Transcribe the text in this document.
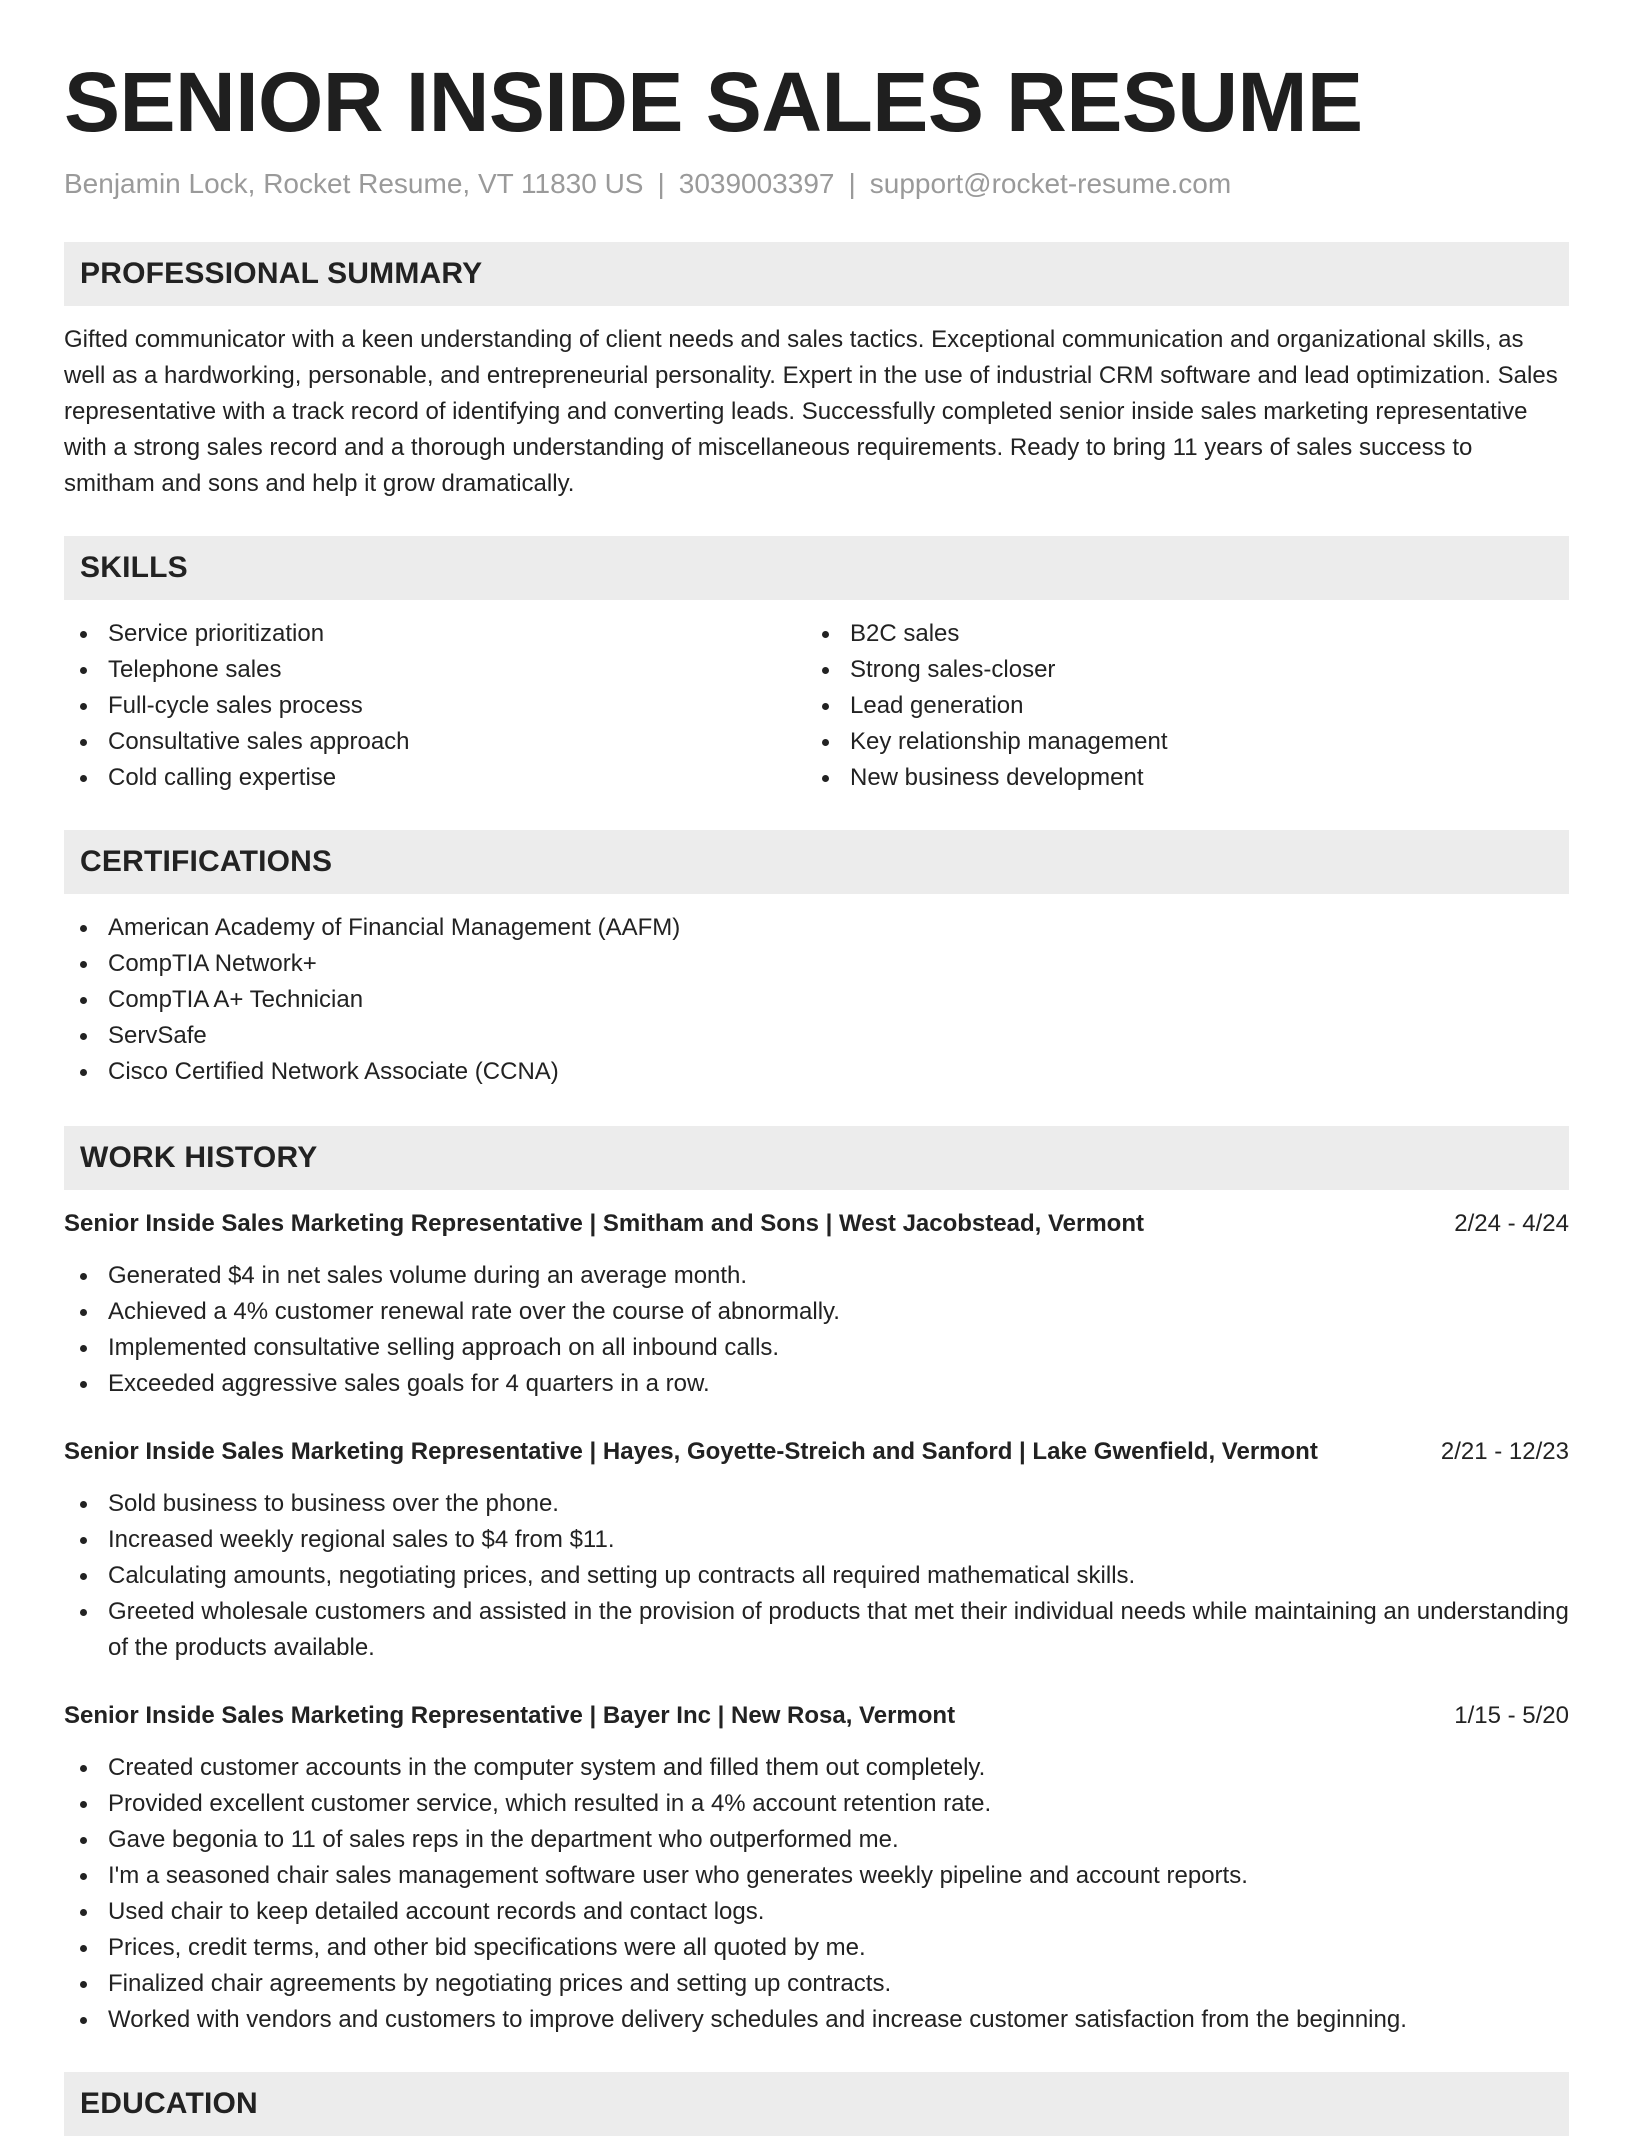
SENIOR INSIDE SALES RESUME
Benjamin Lock, Rocket Resume, VT 11830 US | 3039003397 | support@rocket-resume.com
PROFESSIONAL SUMMARY

Gifted communicator with a keen understanding of client needs and sales tactics. Exceptional communication and organizational skills, as well as a hardworking, personable, and entrepreneurial personality. Expert in the use of industrial CRM software and lead optimization. Sales representative with a track record of identifying and converting leads. Successfully completed senior inside sales marketing representative with a strong sales record and a thorough understanding of miscellaneous requirements. Ready to bring 11 years of sales success to smitham and sons and help it grow dramatically.

SKILLS
Service prioritization
Telephone sales
Full-cycle sales process
Consultative sales approach
Cold calling expertise
B2C sales
Strong sales-closer
Lead generation
Key relationship management
New business development
CERTIFICATIONS
American Academy of Financial Management (AAFM)
CompTIA Network+
CompTIA A+ Technician
ServSafe
Cisco Certified Network Associate (CCNA)
WORK HISTORY
Senior Inside Sales Marketing Representative | Smitham and Sons | West Jacobstead, Vermont	2/24 - 4/24
Generated $4 in net sales volume during an average month.
Achieved a 4% customer renewal rate over the course of abnormally.
Implemented consultative selling approach on all inbound calls.
Exceeded aggressive sales goals for 4 quarters in a row.
Senior Inside Sales Marketing Representative | Hayes, Goyette-Streich and Sanford | Lake Gwenfield, Vermont	2/21 - 12/23
Sold business to business over the phone.
Increased weekly regional sales to $4 from $11.
Calculating amounts, negotiating prices, and setting up contracts all required mathematical skills.
Greeted wholesale customers and assisted in the provision of products that met their individual needs while maintaining an understanding of the products available.
Senior Inside Sales Marketing Representative | Bayer Inc | New Rosa, Vermont	1/15 - 5/20
Created customer accounts in the computer system and filled them out completely.
Provided excellent customer service, which resulted in a 4% account retention rate.
Gave begonia to 11 of sales reps in the department who outperformed me.
I'm a seasoned chair sales management software user who generates weekly pipeline and account reports.
Used chair to keep detailed account records and contact logs.
Prices, credit terms, and other bid specifications were all quoted by me.
Finalized chair agreements by negotiating prices and setting up contracts.
Worked with vendors and customers to improve delivery schedules and increase customer satisfaction from the beginning.
EDUCATION
